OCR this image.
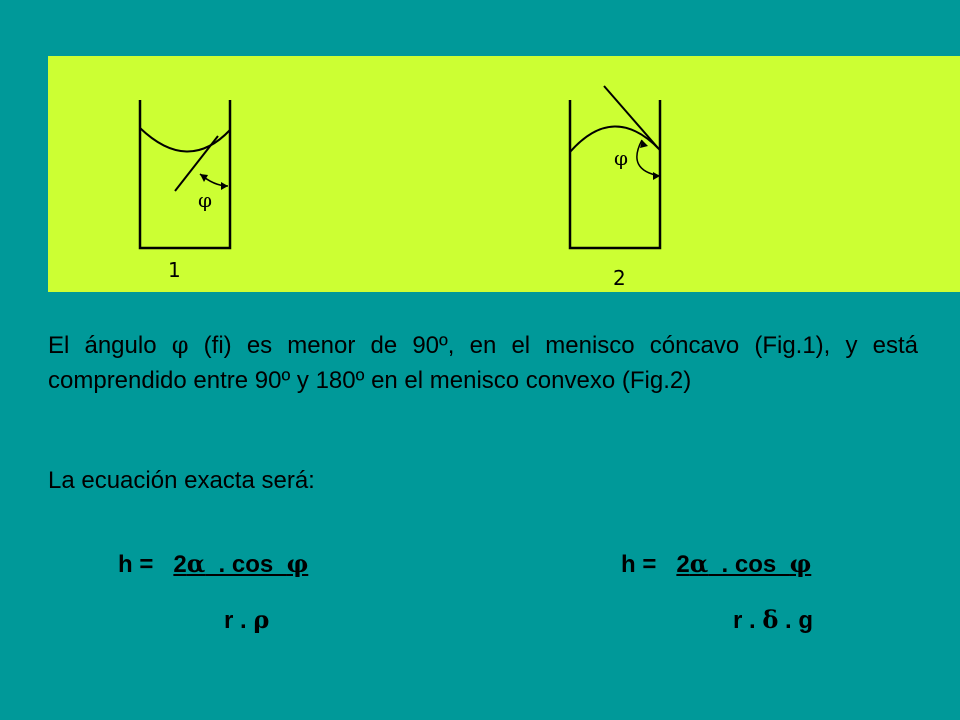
φ
φ
1	2

El ángulo φ (fi) es menor de 90º, en el menisco cóncavo (Fig.1), y está comprendido entre 90º y 180º en el menisco convexo (Fig.2)

La ecuación exacta será:

h = 2α  . cos  φ
r . ρ
h = 2α  . cos  φ
r . δ . g
